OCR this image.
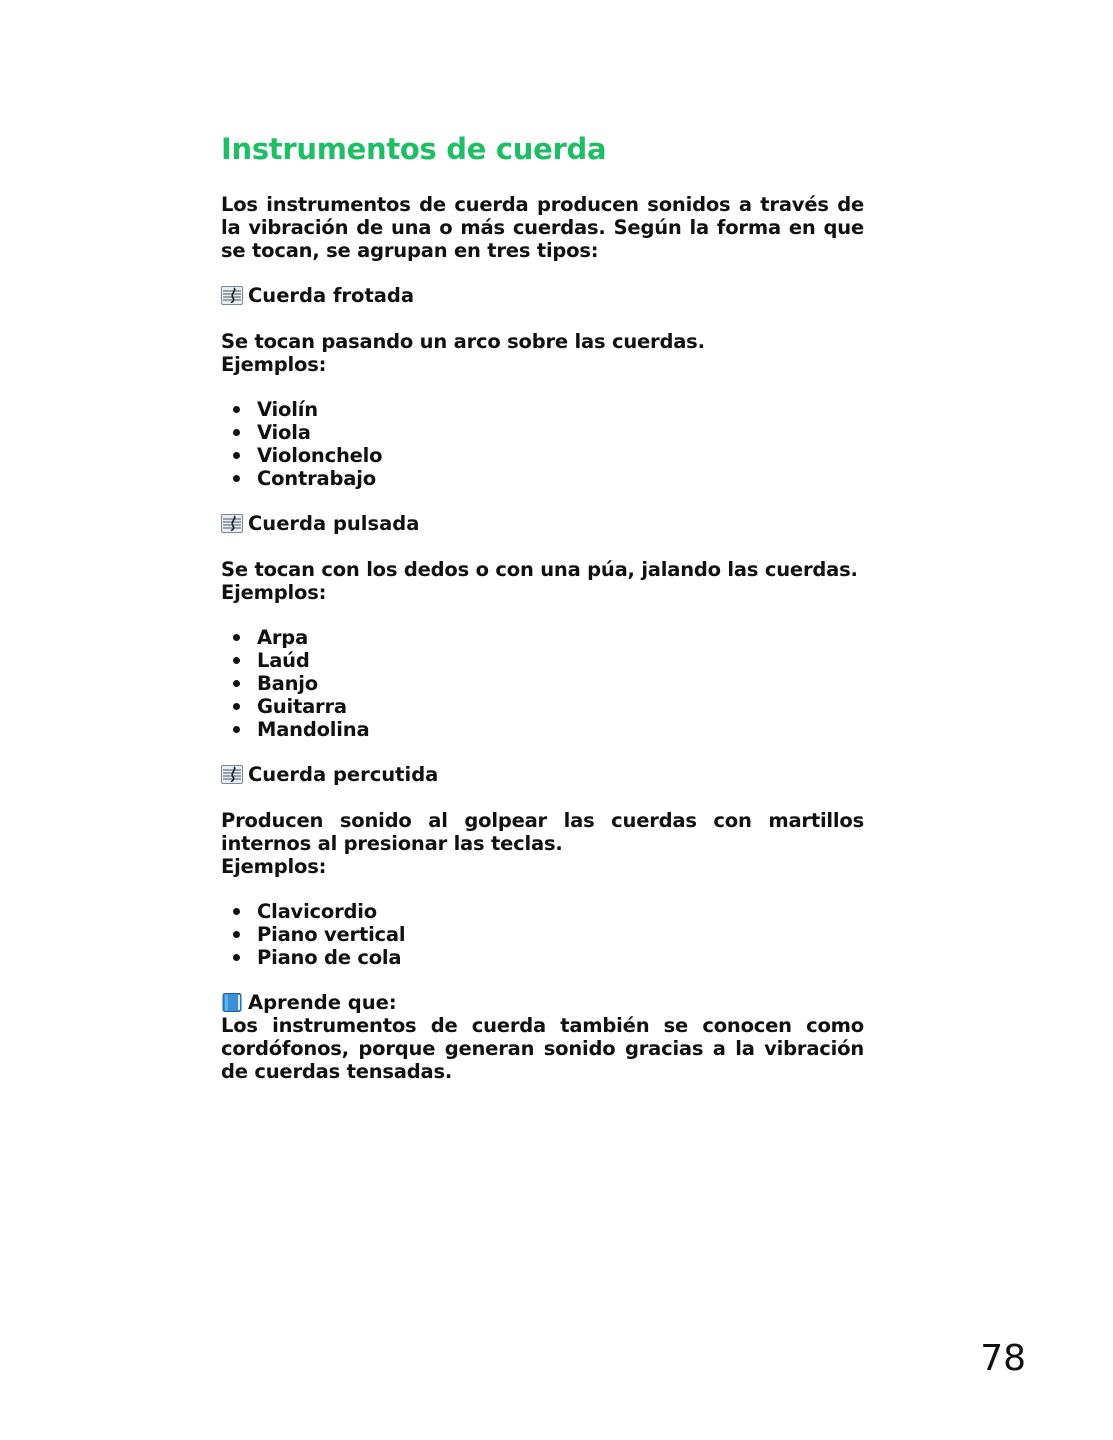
Instrumentos de cuerda

Los instrumentos de cuerda producen sonidos a través de la vibración de una o más cuerdas. Según la forma en que se tocan, se agrupan en tres tipos:

Cuerda frotada

Se tocan pasando un arco sobre las cuerdas.

Ejemplos:

Violín
Viola
Violonchelo
Contrabajo
Cuerda pulsada

Se tocan con los dedos o con una púa, jalando las cuerdas.

Ejemplos:

Arpa
Laúd
Banjo
Guitarra
Mandolina
Cuerda percutida

Producen sonido al golpear las cuerdas con martillos internos al presionar las teclas.

Ejemplos:

Clavicordio
Piano vertical
Piano de cola
Aprende que:

Los instrumentos de cuerda también se conocen como cordófonos, porque generan sonido gracias a la vibración de cuerdas tensadas.

78
